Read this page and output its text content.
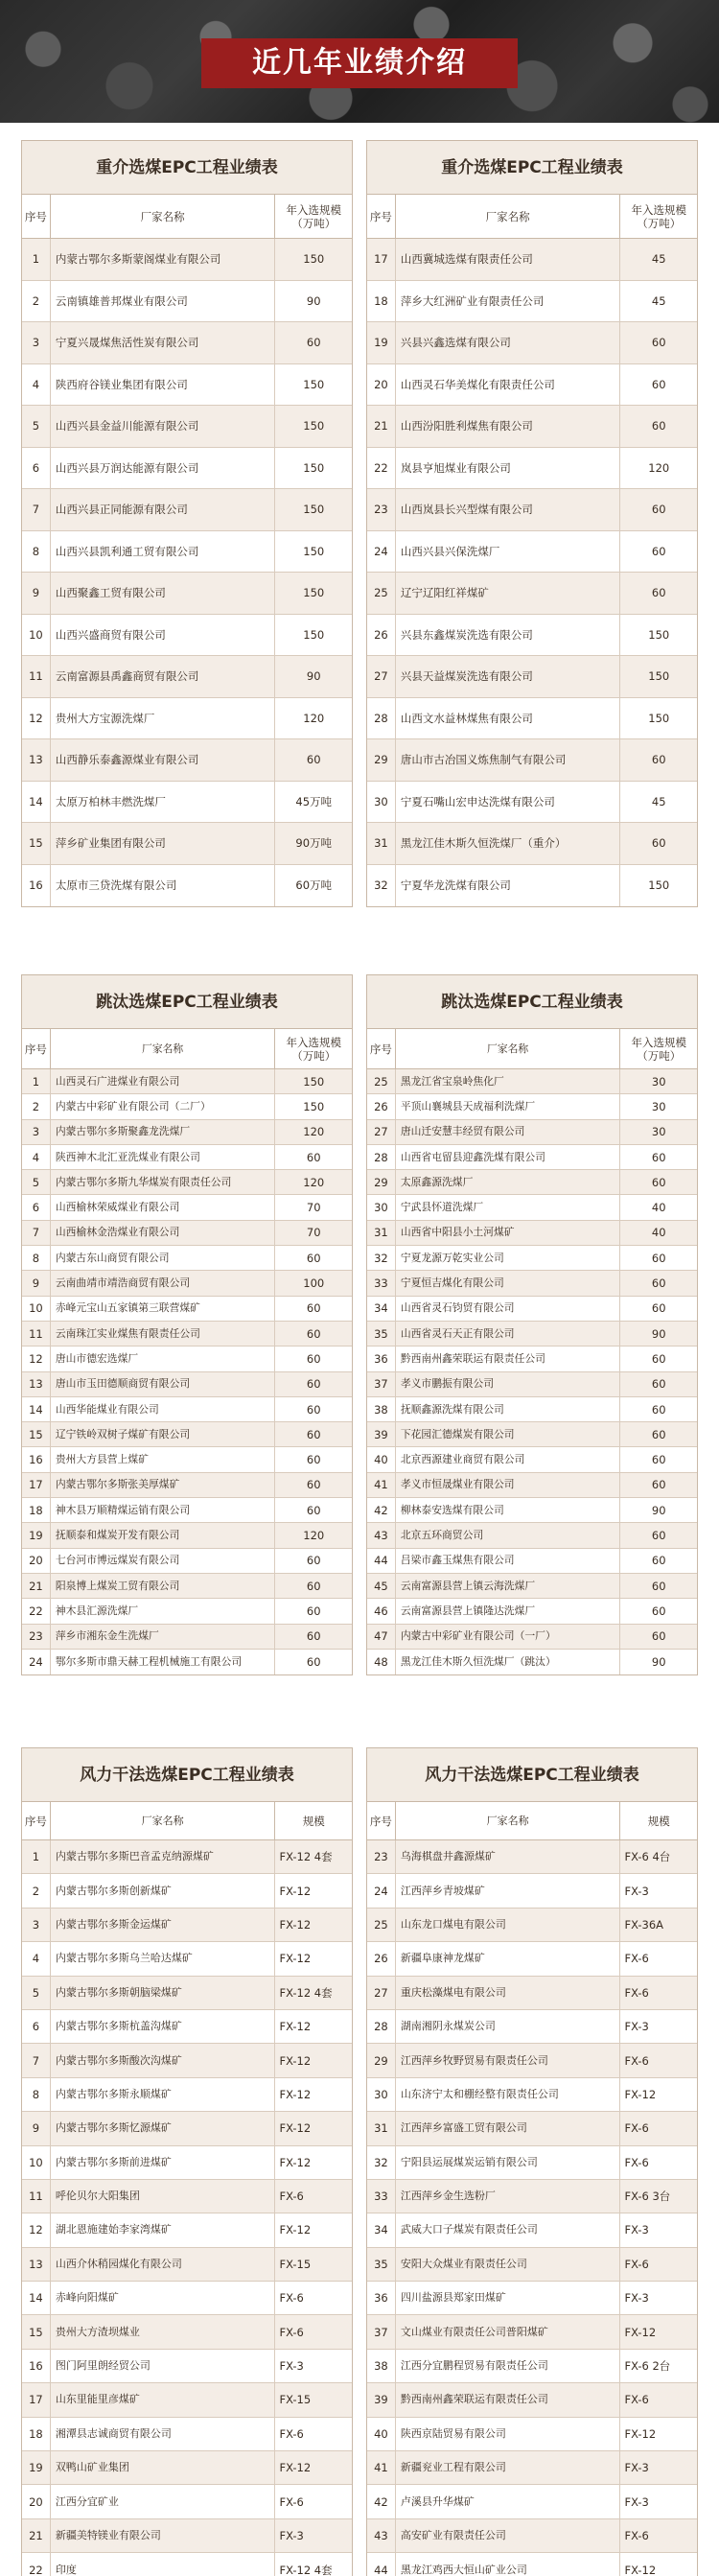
近几年业绩介绍
重介选煤EPC工程业绩表
序号	厂家名称	年入选规模（万吨）
1	内蒙古鄂尔多斯蒙阁煤业有限公司	150
2	云南镇雄普邦煤业有限公司	90
3	宁夏兴晟煤焦活性炭有限公司	60
4	陕西府谷镁业集团有限公司	150
5	山西兴县金益川能源有限公司	150
6	山西兴县万润达能源有限公司	150
7	山西兴县正同能源有限公司	150
8	山西兴县凯利通工贸有限公司	150
9	山西聚鑫工贸有限公司	150
10	山西兴盛商贸有限公司	150
11	云南富源县禹鑫商贸有限公司	90
12	贵州大方宝源洗煤厂	120
13	山西静乐泰鑫源煤业有限公司	60
14	太原万柏林丰燃洗煤厂	45万吨
15	萍乡矿业集团有限公司	90万吨
16	太原市三贷洗煤有限公司	60万吨
重介选煤EPC工程业绩表
序号	厂家名称	年入选规模（万吨）
17	山西冀城选煤有限责任公司	45
18	萍乡大红洲矿业有限责任公司	45
19	兴县兴鑫选煤有限公司	60
20	山西灵石华美煤化有限责任公司	60
21	山西汾阳胜利煤焦有限公司	60
22	岚县亨旭煤业有限公司	120
23	山西岚县长兴型煤有限公司	60
24	山西兴县兴保洗煤厂	60
25	辽宁辽阳红祥煤矿	60
26	兴县东鑫煤炭洗选有限公司	150
27	兴县天益煤炭洗选有限公司	150
28	山西文水益林煤焦有限公司	150
29	唐山市古冶国义炼焦制气有限公司	60
30	宁夏石嘴山宏申达洗煤有限公司	45
31	黑龙江佳木斯久恒洗煤厂（重介）	60
32	宁夏华龙洗煤有限公司	150
跳汰选煤EPC工程业绩表
序号	厂家名称	年入选规模（万吨）
1	山西灵石广进煤业有限公司	150
2	内蒙古中彩矿业有限公司（二厂）	150
3	内蒙古鄂尔多斯聚鑫龙洗煤厂	120
4	陕西神木北汇亚洗煤业有限公司	60
5	内蒙古鄂尔多斯九华煤炭有限责任公司	120
6	山西榆林荣威煤业有限公司	70
7	山西榆林金浩煤业有限公司	70
8	内蒙古东山商贸有限公司	60
9	云南曲靖市靖浩商贸有限公司	100
10	赤峰元宝山五家镇第三联营煤矿	60
11	云南珠江实业煤焦有限责任公司	60
12	唐山市德宏选煤厂	60
13	唐山市玉田德顺商贸有限公司	60
14	山西华能煤业有限公司	60
15	辽宁铁岭双树子煤矿有限公司	60
16	贵州大方县营上煤矿	60
17	内蒙古鄂尔多斯张美厚煤矿	60
18	神木县万顺精煤运销有限公司	60
19	抚顺泰和煤炭开发有限公司	120
20	七台河市博远煤炭有限公司	60
21	阳泉博上煤炭工贸有限公司	60
22	神木县汇源洗煤厂	60
23	萍乡市湘东金生洗煤厂	60
24	鄂尔多斯市鼎天赫工程机械施工有限公司	60
跳汰选煤EPC工程业绩表
序号	厂家名称	年入选规模（万吨）
25	黑龙江省宝泉岭焦化厂	30
26	平顶山襄城县天成福利洗煤厂	30
27	唐山迁安慧丰经贸有限公司	30
28	山西省屯留县迎鑫洗煤有限公司	60
29	太原鑫源洗煤厂	60
30	宁武县怀道洗煤厂	40
31	山西省中阳县小土河煤矿	40
32	宁夏龙源万乾实业公司	60
33	宁夏恒吉煤化有限公司	60
34	山西省灵石钧贸有限公司	60
35	山西省灵石天正有限公司	90
36	黔西南州鑫荣联运有限责任公司	60
37	孝义市鹏振有限公司	60
38	抚顺鑫源洗煤有限公司	60
39	下花园汇德煤炭有限公司	60
40	北京西源建业商贸有限公司	60
41	孝义市恒晟煤业有限公司	60
42	柳林泰安选煤有限公司	90
43	北京五环商贸公司	60
44	吕梁市鑫玉煤焦有限公司	60
45	云南富源县营上镇云海洗煤厂	60
46	云南富源县营上镇隆达洗煤厂	60
47	内蒙古中彩矿业有限公司（一厂）	60
48	黑龙江佳木斯久恒洗煤厂（跳汰）	90
风力干法选煤EPC工程业绩表
序号	厂家名称	规模
1	内蒙古鄂尔多斯巴音孟克纳源煤矿	FX-12 4套
2	内蒙古鄂尔多斯创新煤矿	FX-12
3	内蒙古鄂尔多斯金运煤矿	FX-12
4	内蒙古鄂尔多斯乌兰哈达煤矿	FX-12
5	内蒙古鄂尔多斯朝脑梁煤矿	FX-12 4套
6	内蒙古鄂尔多斯杭盖沟煤矿	FX-12
7	内蒙古鄂尔多斯酸次沟煤矿	FX-12
8	内蒙古鄂尔多斯永顺煤矿	FX-12
9	内蒙古鄂尔多斯忆源煤矿	FX-12
10	内蒙古鄂尔多斯前进煤矿	FX-12
11	呼伦贝尔大阳集团	FX-6
12	湖北恩施建始李家湾煤矿	FX-12
13	山西介休稍园煤化有限公司	FX-15
14	赤峰向阳煤矿	FX-6
15	贵州大方渣坝煤业	FX-6
16	图门阿里朗经贸公司	FX-3
17	山东里能里彦煤矿	FX-15
18	湘潭县志诚商贸有限公司	FX-6
19	双鸭山矿业集团	FX-12
20	江西分宜矿业	FX-6
21	新疆美特镁业有限公司	FX-3
22	印度	FX-12 4套
风力干法选煤EPC工程业绩表
序号	厂家名称	规模
23	乌海棋盘井鑫源煤矿	FX-6 4台
24	江西萍乡青坡煤矿	FX-3
25	山东龙口煤电有限公司	FX-36A
26	新疆阜康神龙煤矿	FX-6
27	重庆松藻煤电有限公司	FX-6
28	湖南湘阴永煤炭公司	FX-3
29	江西萍乡牧野贸易有限责任公司	FX-6
30	山东济宁太和棚经整有限责任公司	FX-12
31	江西萍乡富盛工贸有限公司	FX-6
32	宁阳县运展煤炭运销有限公司	FX-6
33	江西萍乡金生选粉厂	FX-6 3台
34	武威大口子煤炭有限责任公司	FX-3
35	安阳大众煤业有限责任公司	FX-6
36	四川盐源县郑家田煤矿	FX-3
37	文山煤业有限责任公司普阳煤矿	FX-12
38	江西分宜鹏程贸易有限责任公司	FX-6 2台
39	黔西南州鑫荣联运有限责任公司	FX-6
40	陕西京陆贸易有限公司	FX-12
41	新疆兖业工程有限公司	FX-3
42	卢溪县升华煤矿	FX-3
43	高安矿业有限责任公司	FX-6
44	黑龙江鸡西大恒山矿业公司	FX-12
